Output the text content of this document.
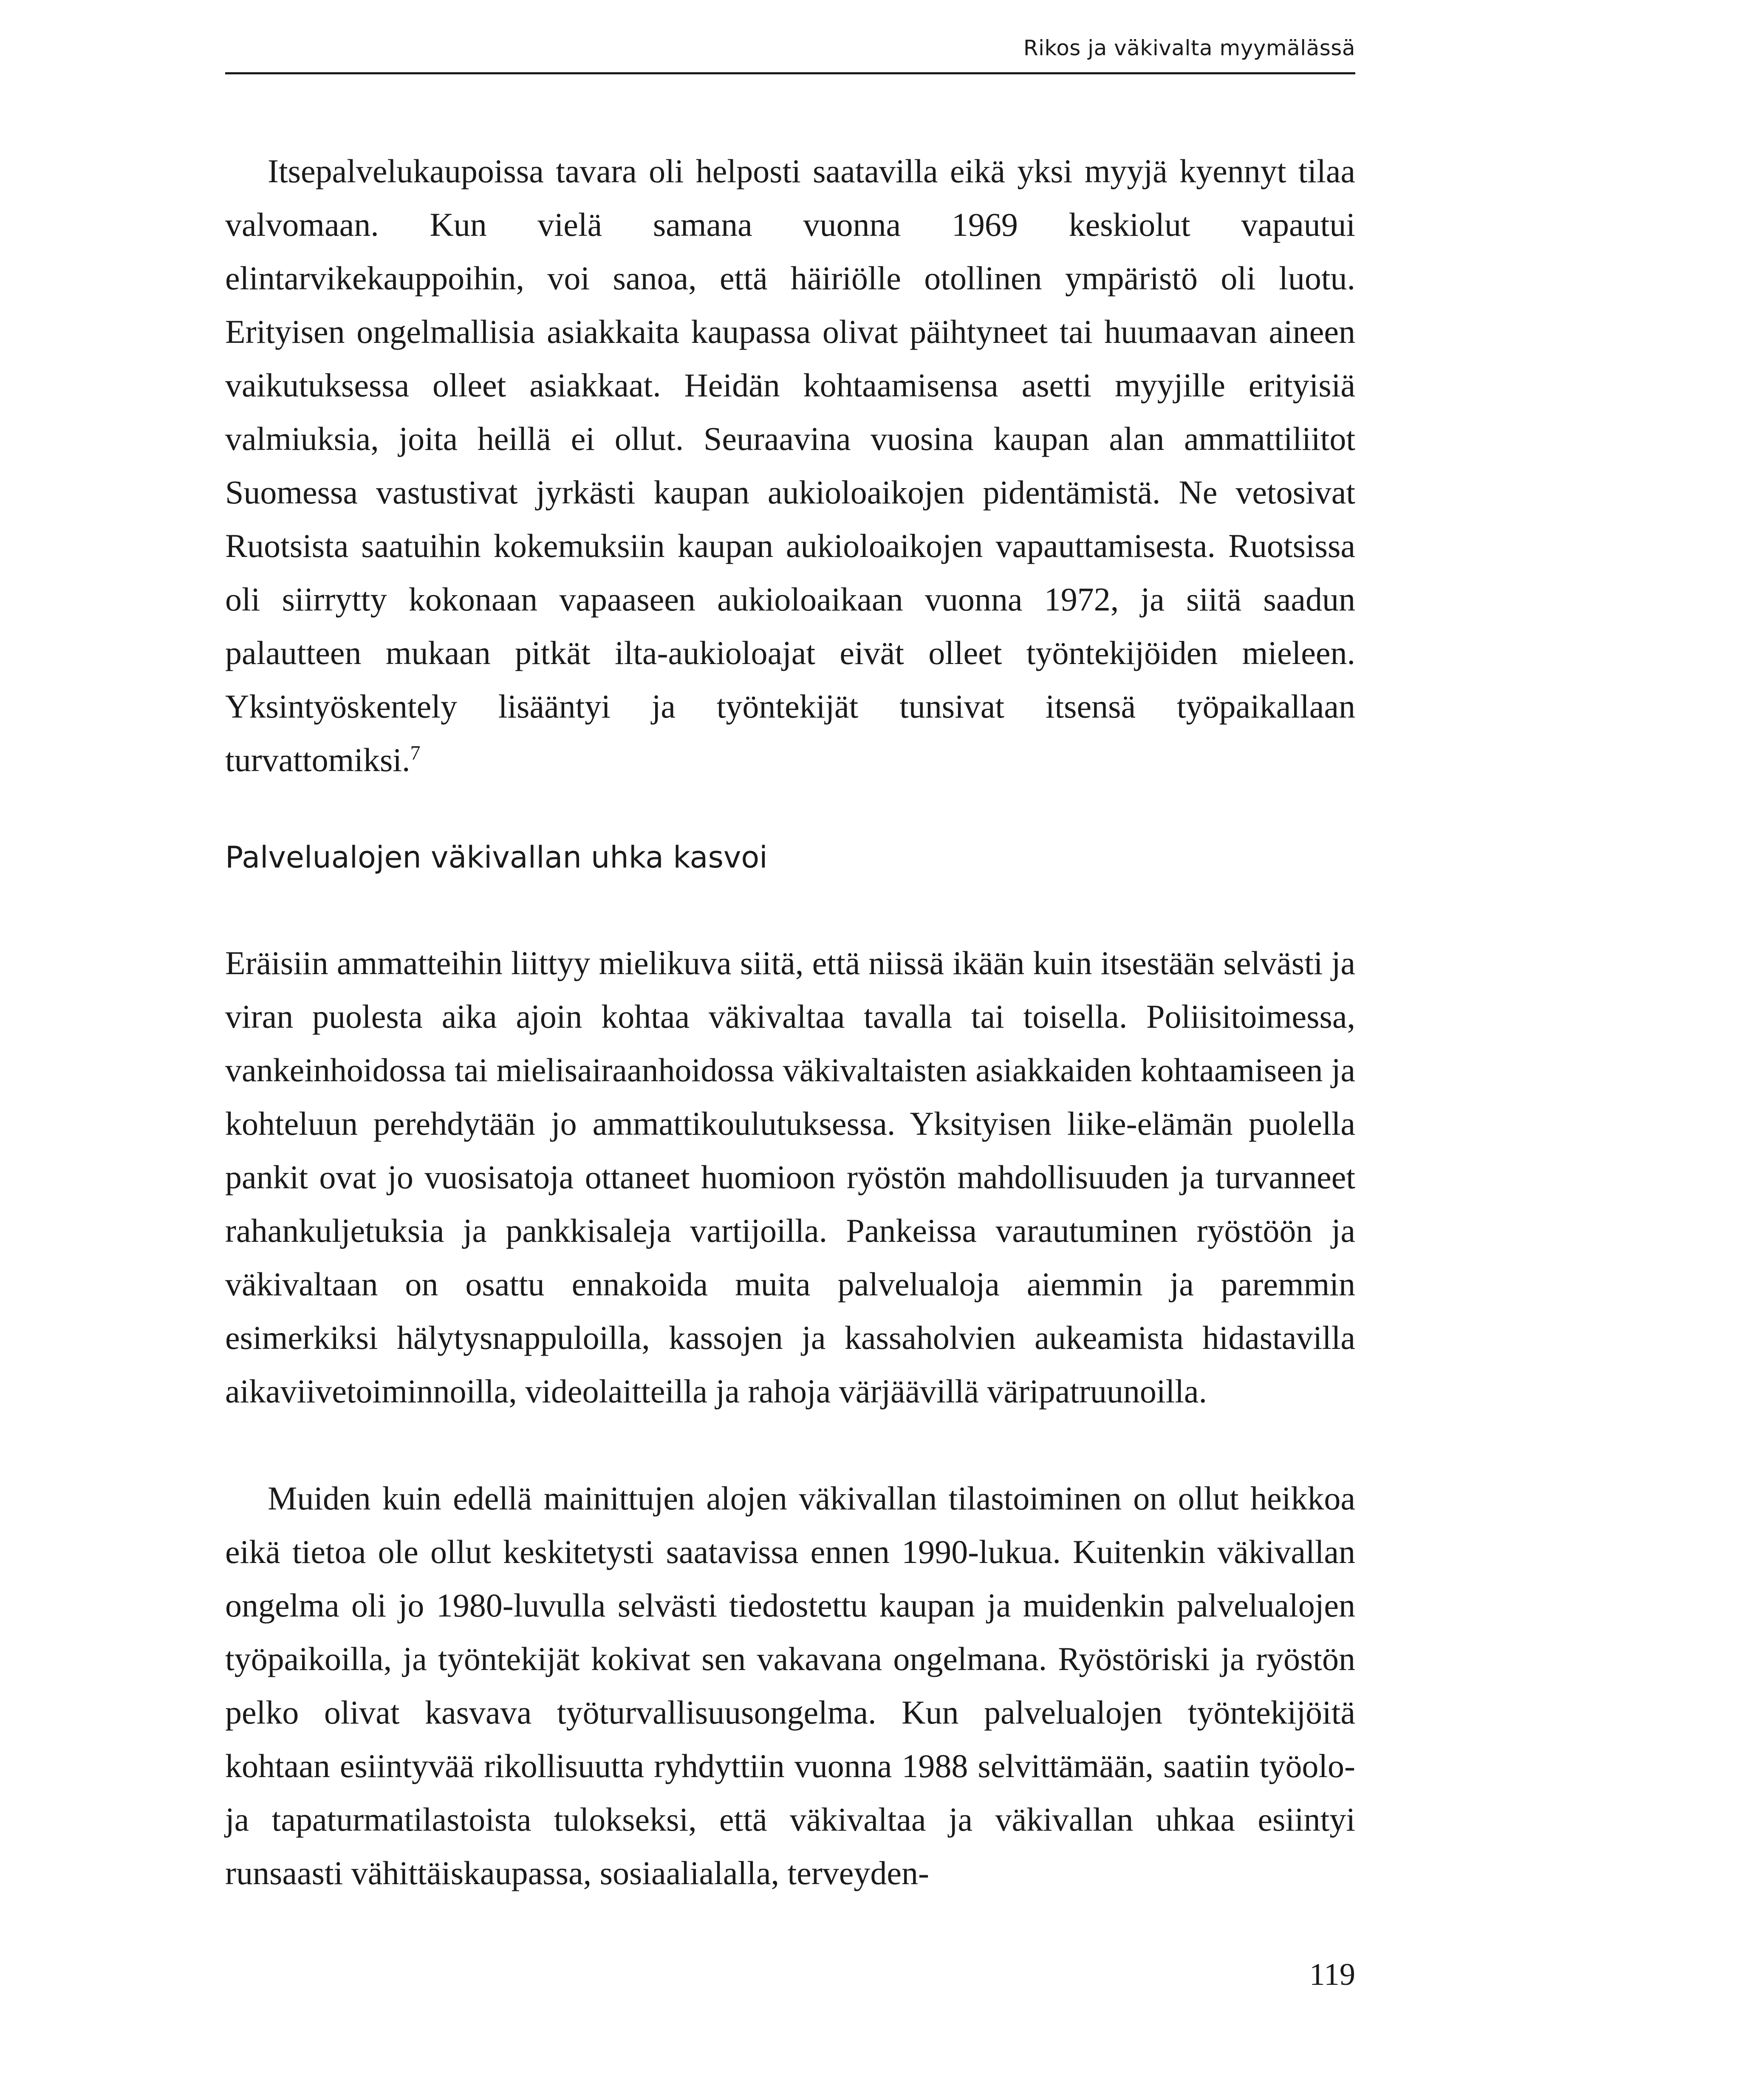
Rikos ja väkivalta myymälässä

Itsepalvelukaupoissa tavara oli helposti saatavilla eikä yksi myyjä kyennyt tilaa valvomaan. Kun vielä samana vuonna 1969 keskiolut vapautui elintarvikekauppoihin, voi sanoa, että häiriölle otollinen ympäristö oli luotu. Erityisen ongelmallisia asiakkaita kaupassa olivat päihtyneet tai huumaavan aineen vaikutuksessa olleet asiakkaat. Heidän kohtaamisensa asetti myyjille erityisiä valmiuksia, joita heillä ei ollut. Seuraavina vuosina kaupan alan ammattiliitot Suomessa vastustivat jyrkästi kaupan aukioloaikojen pidentämistä. Ne vetosivat Ruotsista saatuihin kokemuksiin kaupan aukioloaikojen vapauttamisesta. Ruotsissa oli siirrytty kokonaan vapaaseen aukioloaikaan vuonna 1972, ja siitä saadun palautteen mukaan pitkät ilta-aukioloajat eivät olleet työntekijöiden mieleen. Yksintyöskentely lisääntyi ja työntekijät tunsivat itsensä työpaikallaan turvattomiksi.$^7$

Palvelualojen väkivallan uhka kasvoi

Eräisiin ammatteihin liittyy mielikuva siitä, että niissä ikään kuin itsestään selvästi ja viran puolesta aika ajoin kohtaa väkivaltaa tavalla tai toisella. Poliisitoimessa, vankeinhoidossa tai mielisairaanhoidossa väkivaltaisten asiakkaiden kohtaamiseen ja kohteluun perehdytään jo ammattikoulutuksessa. Yksityisen liike-elämän puolella pankit ovat jo vuosisatoja ottaneet huomioon ryöstön mahdollisuuden ja turvanneet rahankuljetuksia ja pankkisaleja vartijoilla. Pankeissa varautuminen ryöstöön ja väkivaltaan on osattu ennakoida muita palvelualoja aiemmin ja paremmin esimerkiksi hälytysnappuloilla, kassojen ja kassaholvien aukeamista hidastavilla aikaviivetoiminnoilla, videolaitteilla ja rahoja värjäävillä väripatruunoilla.

Muiden kuin edellä mainittujen alojen väkivallan tilastoiminen on ollut heikkoa eikä tietoa ole ollut keskitetysti saatavissa ennen 1990-lukua. Kuitenkin väkivallan ongelma oli jo 1980-luvulla selvästi tiedostettu kaupan ja muidenkin palvelualojen työpaikoilla, ja työntekijät kokivat sen vakavana ongelmana. Ryöstöriski ja ryöstön pelko olivat kasvava työturvallisuusongelma. Kun palvelualojen työntekijöitä kohtaan esiintyvää rikollisuutta ryhdyttiin vuonna 1988 selvittämään, saatiin työolo- ja tapaturmatilastoista tulokseksi, että väkivaltaa ja väkivallan uhkaa esiintyi runsaasti vähittäiskaupassa, sosiaalialalla, terveyden-

119
